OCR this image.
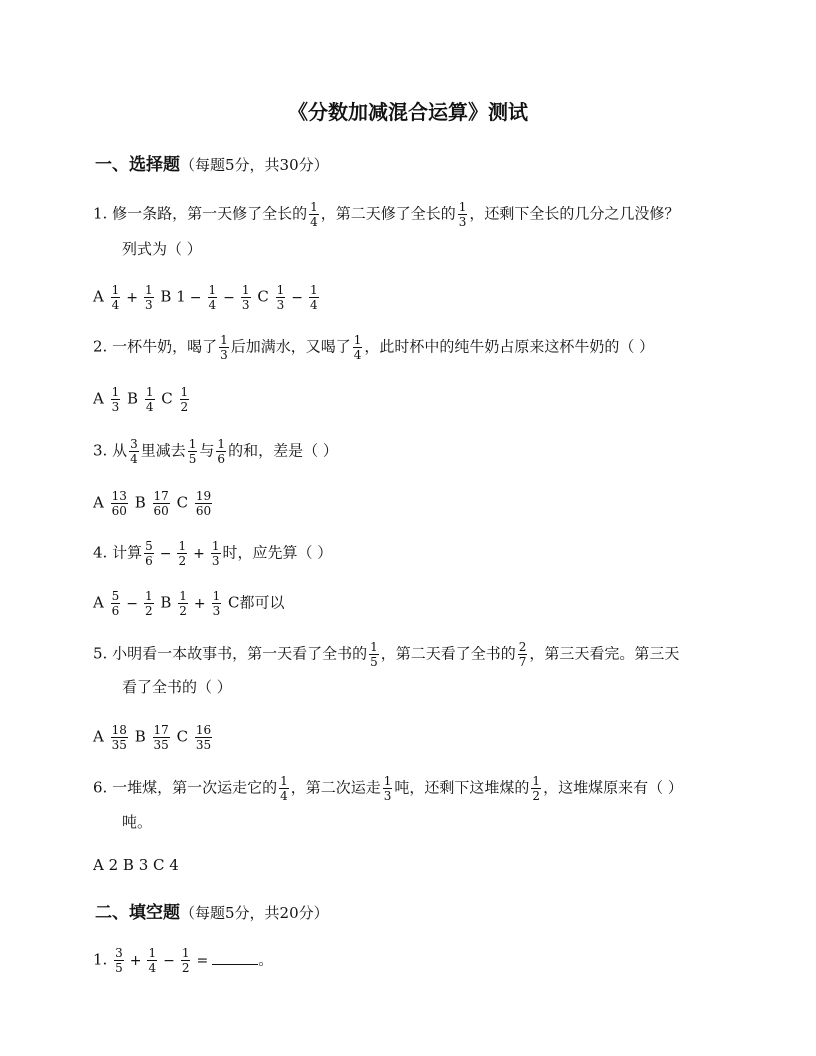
《分数加减混合运算》测试
一、选择题（每题5分，共30分）
1. 修一条路，第一天修了全长的 $\frac{1}{4}$ ，第二天修了全长的 $\frac{1}{3}$ ，还剩下全长的几分之几没修？
列式为（ ）
A $\frac{1}{4} + \frac{1}{3}$ B $1 - \frac{1}{4} - \frac{1}{3}$ C $\frac{1}{3} - \frac{1}{4}$
2. 一杯牛奶，喝了 $\frac{1}{3}$ 后加满水，又喝了 $\frac{1}{4}$ ，此时杯中的纯牛奶占原来这杯牛奶的（ ）
A $\frac{1}{3}$ B $\frac{1}{4}$ C $\frac{1}{2}$
3. 从 $\frac{3}{4}$ 里减去 $\frac{1}{5}$ 与 $\frac{1}{6}$ 的和，差是（ ）
A $\frac{13}{60}$ B $\frac{17}{60}$ C $\frac{19}{60}$
4. 计算 $\frac{5}{6} - \frac{1}{2} + \frac{1}{3}$ 时，应先算（ ）
A $\frac{5}{6} - \frac{1}{2}$ B $\frac{1}{2} + \frac{1}{3}$ C都可以
5. 小明看一本故事书，第一天看了全书的 $\frac{1}{5}$ ，第二天看了全书的 $\frac{2}{7}$ ，第三天看完。第三天
看了全书的（ ）
A $\frac{18}{35}$ B $\frac{17}{35}$ C $\frac{16}{35}$
6. 一堆煤，第一次运走它的 $\frac{1}{4}$ ，第二次运走 $\frac{1}{3}$ 吨，还剩下这堆煤的 $\frac{1}{2}$ ，这堆煤原来有（ ）
吨。
A 2 B 3 C 4
二、填空题（每题5分，共20分）
1. $\frac{3}{5} + \frac{1}{4} - \frac{1}{2}$ =	。
